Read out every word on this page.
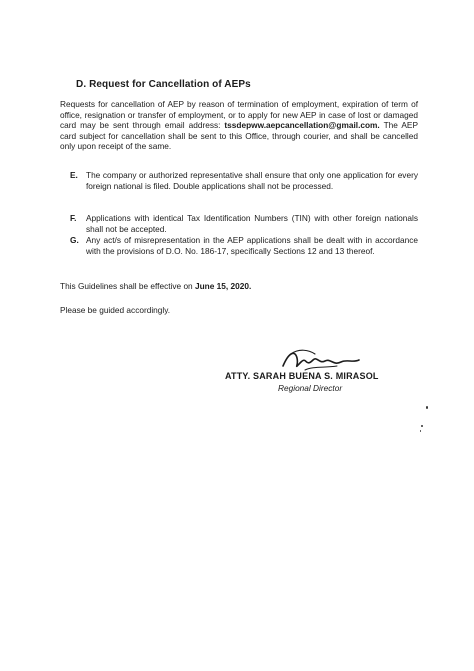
D. Request for Cancellation of AEPs
Requests for cancellation of AEP by reason of termination of employment, expiration of term of office, resignation or transfer of employment, or to apply for new AEP in case of lost or damaged card may be sent through email address: tssdepww.aepcancellation@gmail.com. The AEP card subject for cancellation shall be sent to this Office, through courier, and shall be cancelled only upon receipt of the same.
E. The company or authorized representative shall ensure that only one application for every foreign national is filed. Double applications shall not be processed.
F. Applications with identical Tax Identification Numbers (TIN) with other foreign nationals shall not be accepted.
G. Any act/s of misrepresentation in the AEP applications shall be dealt with in accordance with the provisions of D.O. No. 186-17, specifically Sections 12 and 13 thereof.
This Guidelines shall be effective on June 15, 2020.
Please be guided accordingly.
ATTY. SARAH BUENA S. MIRASOL
Regional Director
